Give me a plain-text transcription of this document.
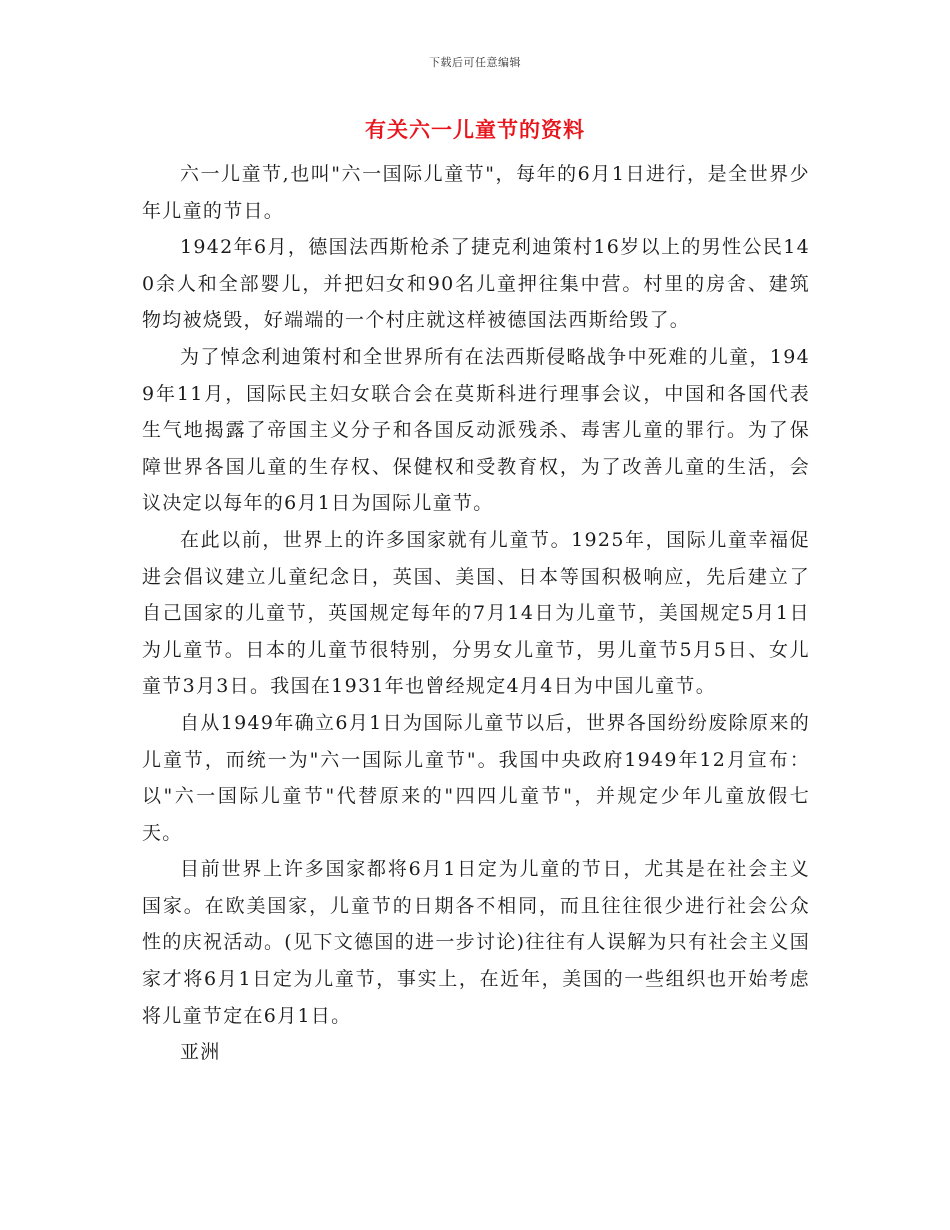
下载后可任意编辑
有关六一儿童节的资料

六一儿童节,也叫"六一国际儿童节"，每年的6月1日进行，是全世界少年儿童的节日。

1942年6月，德国法西斯枪杀了捷克利迪策村16岁以上的男性公民140余人和全部婴儿，并把妇女和90名儿童押往集中营。村里的房舍、建筑物均被烧毁，好端端的一个村庄就这样被德国法西斯给毁了。

为了悼念利迪策村和全世界所有在法西斯侵略战争中死难的儿童，1949年11月，国际民主妇女联合会在莫斯科进行理事会议，中国和各国代表生气地揭露了帝国主义分子和各国反动派残杀、毒害儿童的罪行。为了保障世界各国儿童的生存权、保健权和受教育权，为了改善儿童的生活，会议决定以每年的6月1日为国际儿童节。

在此以前，世界上的许多国家就有儿童节。1925年，国际儿童幸福促进会倡议建立儿童纪念日，英国、美国、日本等国积极响应，先后建立了自己国家的儿童节，英国规定每年的7月14日为儿童节，美国规定5月1日为儿童节。日本的儿童节很特别，分男女儿童节，男儿童节5月5日、女儿童节3月3日。我国在1931年也曾经规定4月4日为中国儿童节。

自从1949年确立6月1日为国际儿童节以后，世界各国纷纷废除原来的儿童节，而统一为"六一国际儿童节"。我国中央政府1949年12月宣布：以"六一国际儿童节"代替原来的"四四儿童节"，并规定少年儿童放假七天。

目前世界上许多国家都将6月1日定为儿童的节日，尤其是在社会主义国家。在欧美国家，儿童节的日期各不相同，而且往往很少进行社会公众性的庆祝活动。(见下文德国的进一步讨论)往往有人误解为只有社会主义国家才将6月1日定为儿童节，事实上，在近年，美国的一些组织也开始考虑将儿童节定在6月1日。

亚洲
